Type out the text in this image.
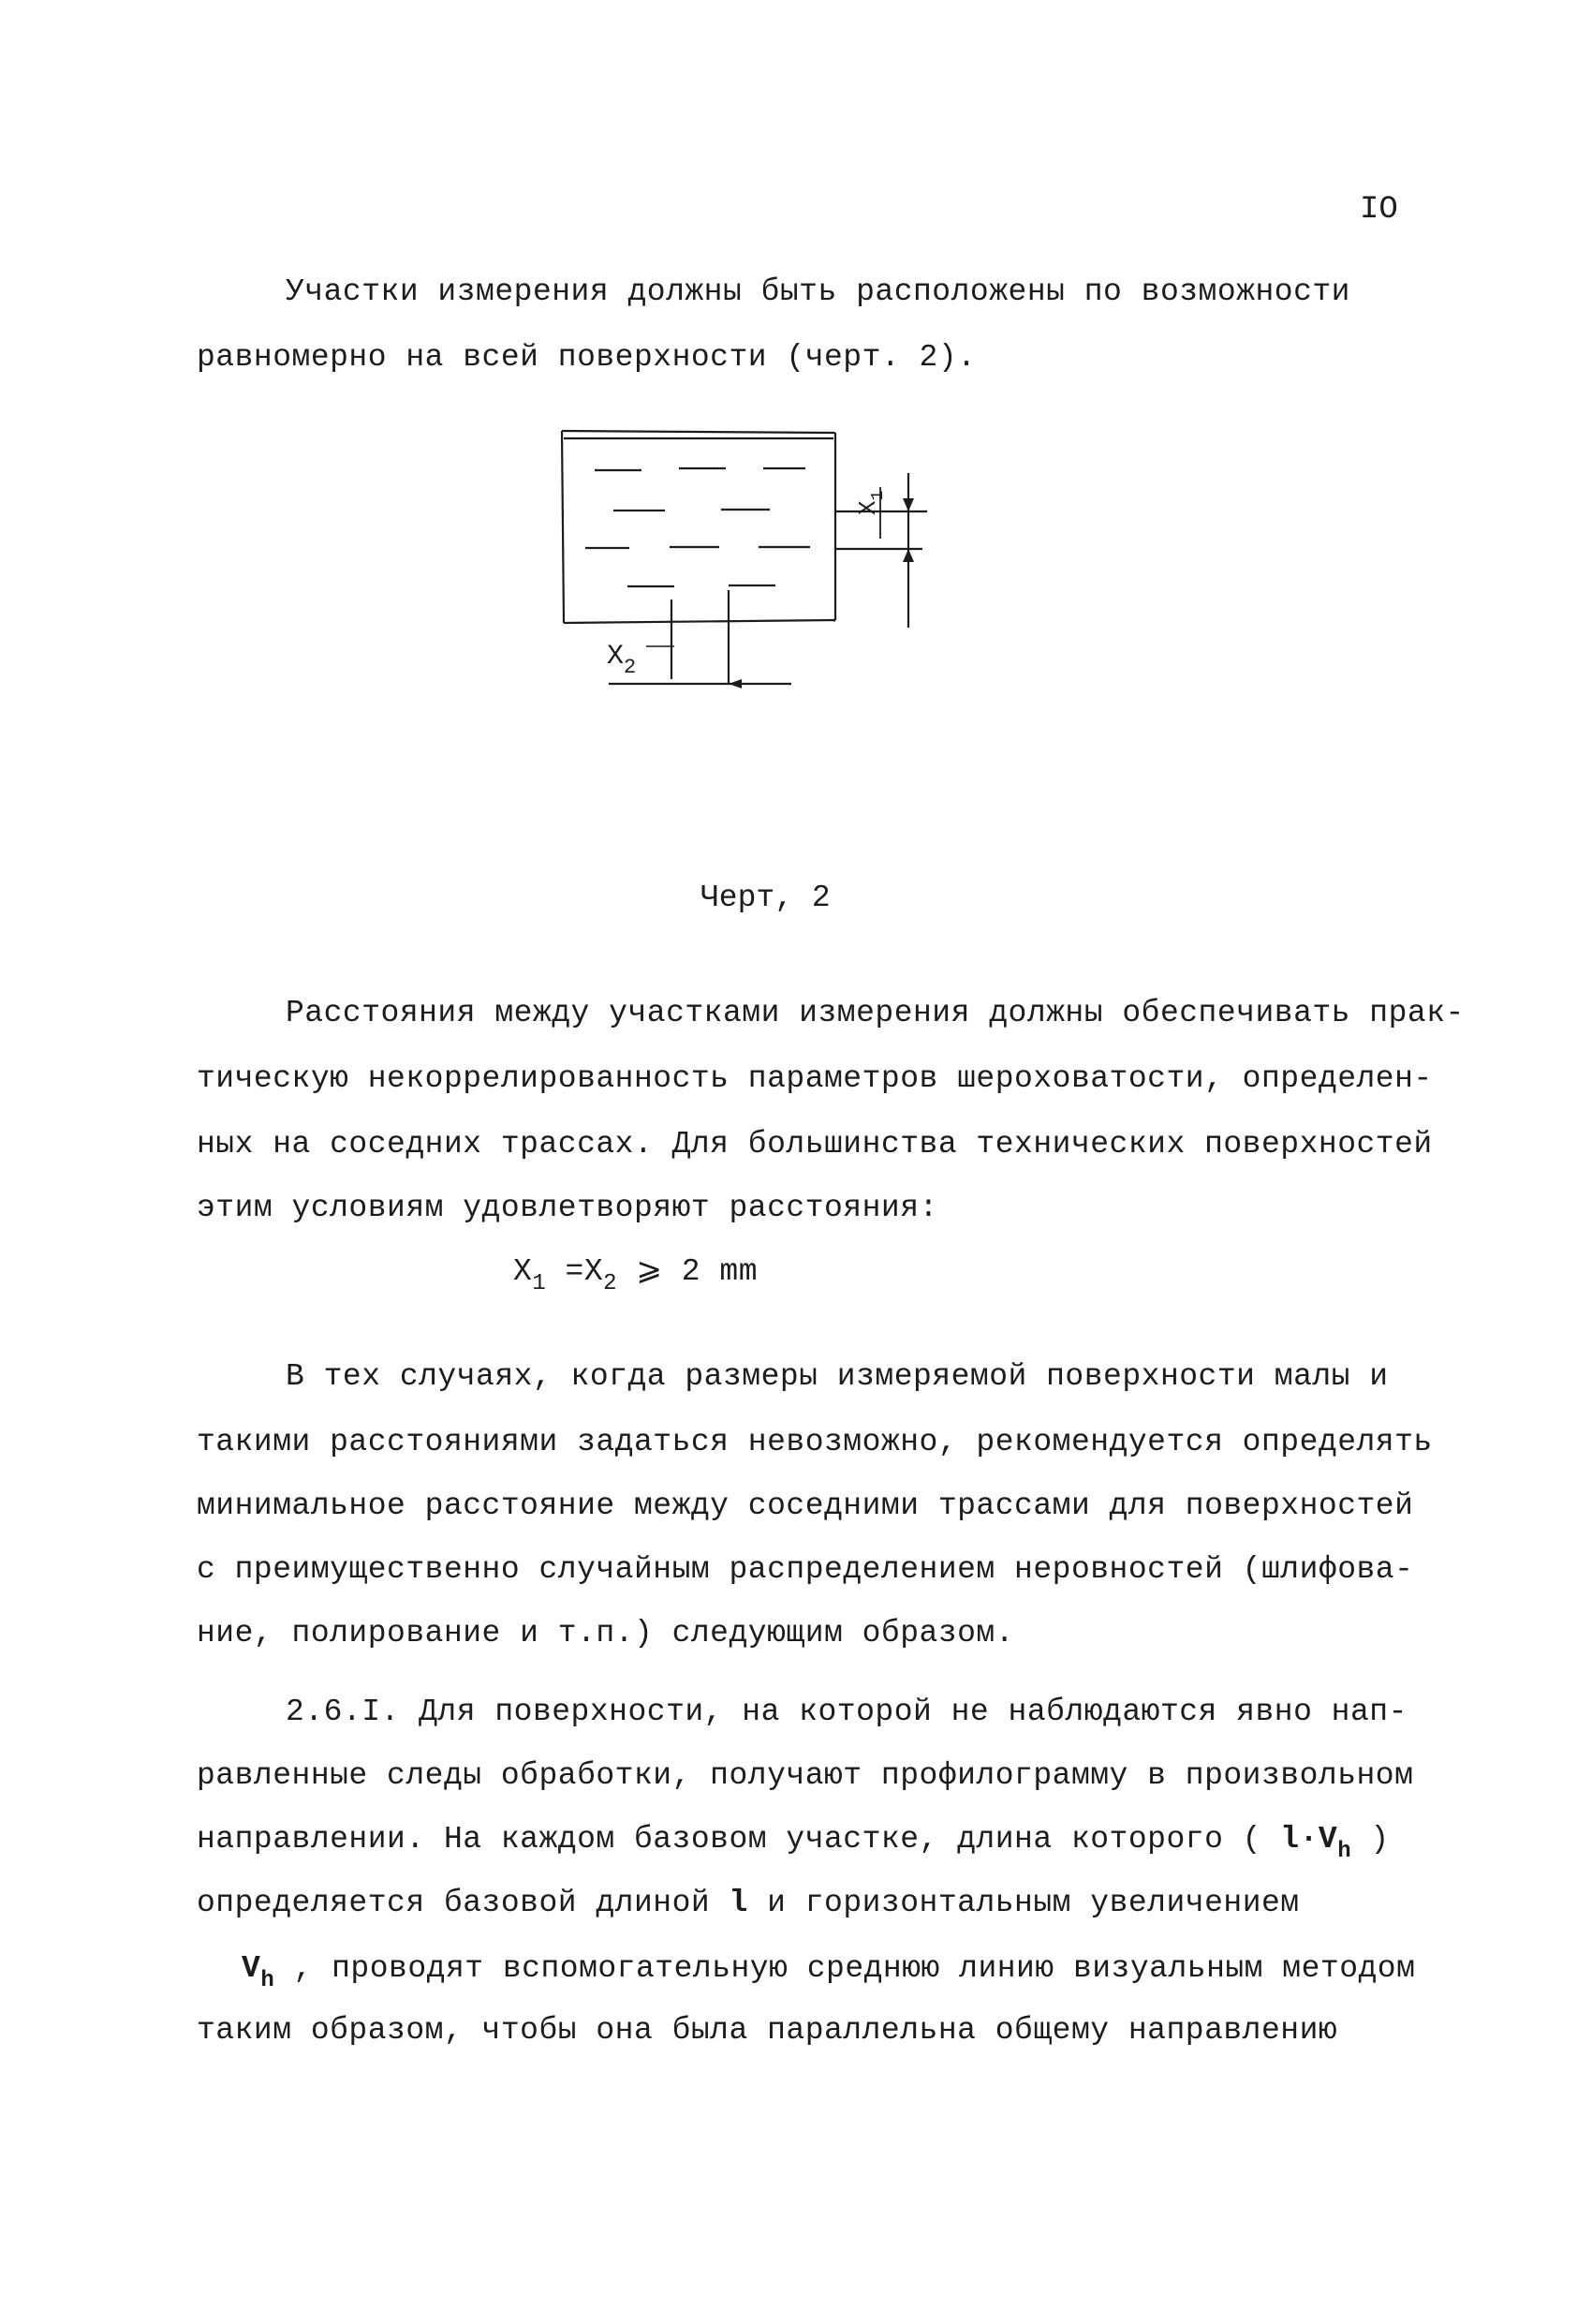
IO
Участки измерения должны быть расположены по возможности
равномерно на всей поверхности (черт. 2).
$X_2$
$X_1$
Черт, 2
Расстояния между участками измерения должны обеспечивать прак-
тическую некоррелированность параметров шероховатости, определен-
ных на соседних трассах. Для большинства технических поверхностей
этим условиям удовлетворяют расстояния:
$X_1 =X_2$ ⩾ 2 mm
В тех случаях, когда размеры измеряемой поверхности малы и
такими расстояниями задаться невозможно, рекомендуется определять
минимальное расстояние между соседними трассами для поверхностей
с преимущественно случайным распределением неровностей (шлифова-
ние, полирование и т.п.) следующим образом.
2.6.I. Для поверхности, на которой не наблюдаются явно нап-
равленные следы обработки, получают профилограмму в произвольном
направлении. На каждом базовом участке, длина которого ( $l\cdot V_h$ )
определяется базовой длиной l и горизонтальным увеличением
$V_h$ , проводят вспомогательную среднюю линию визуальным методом
таким образом, чтобы она была параллельна общему направлению
